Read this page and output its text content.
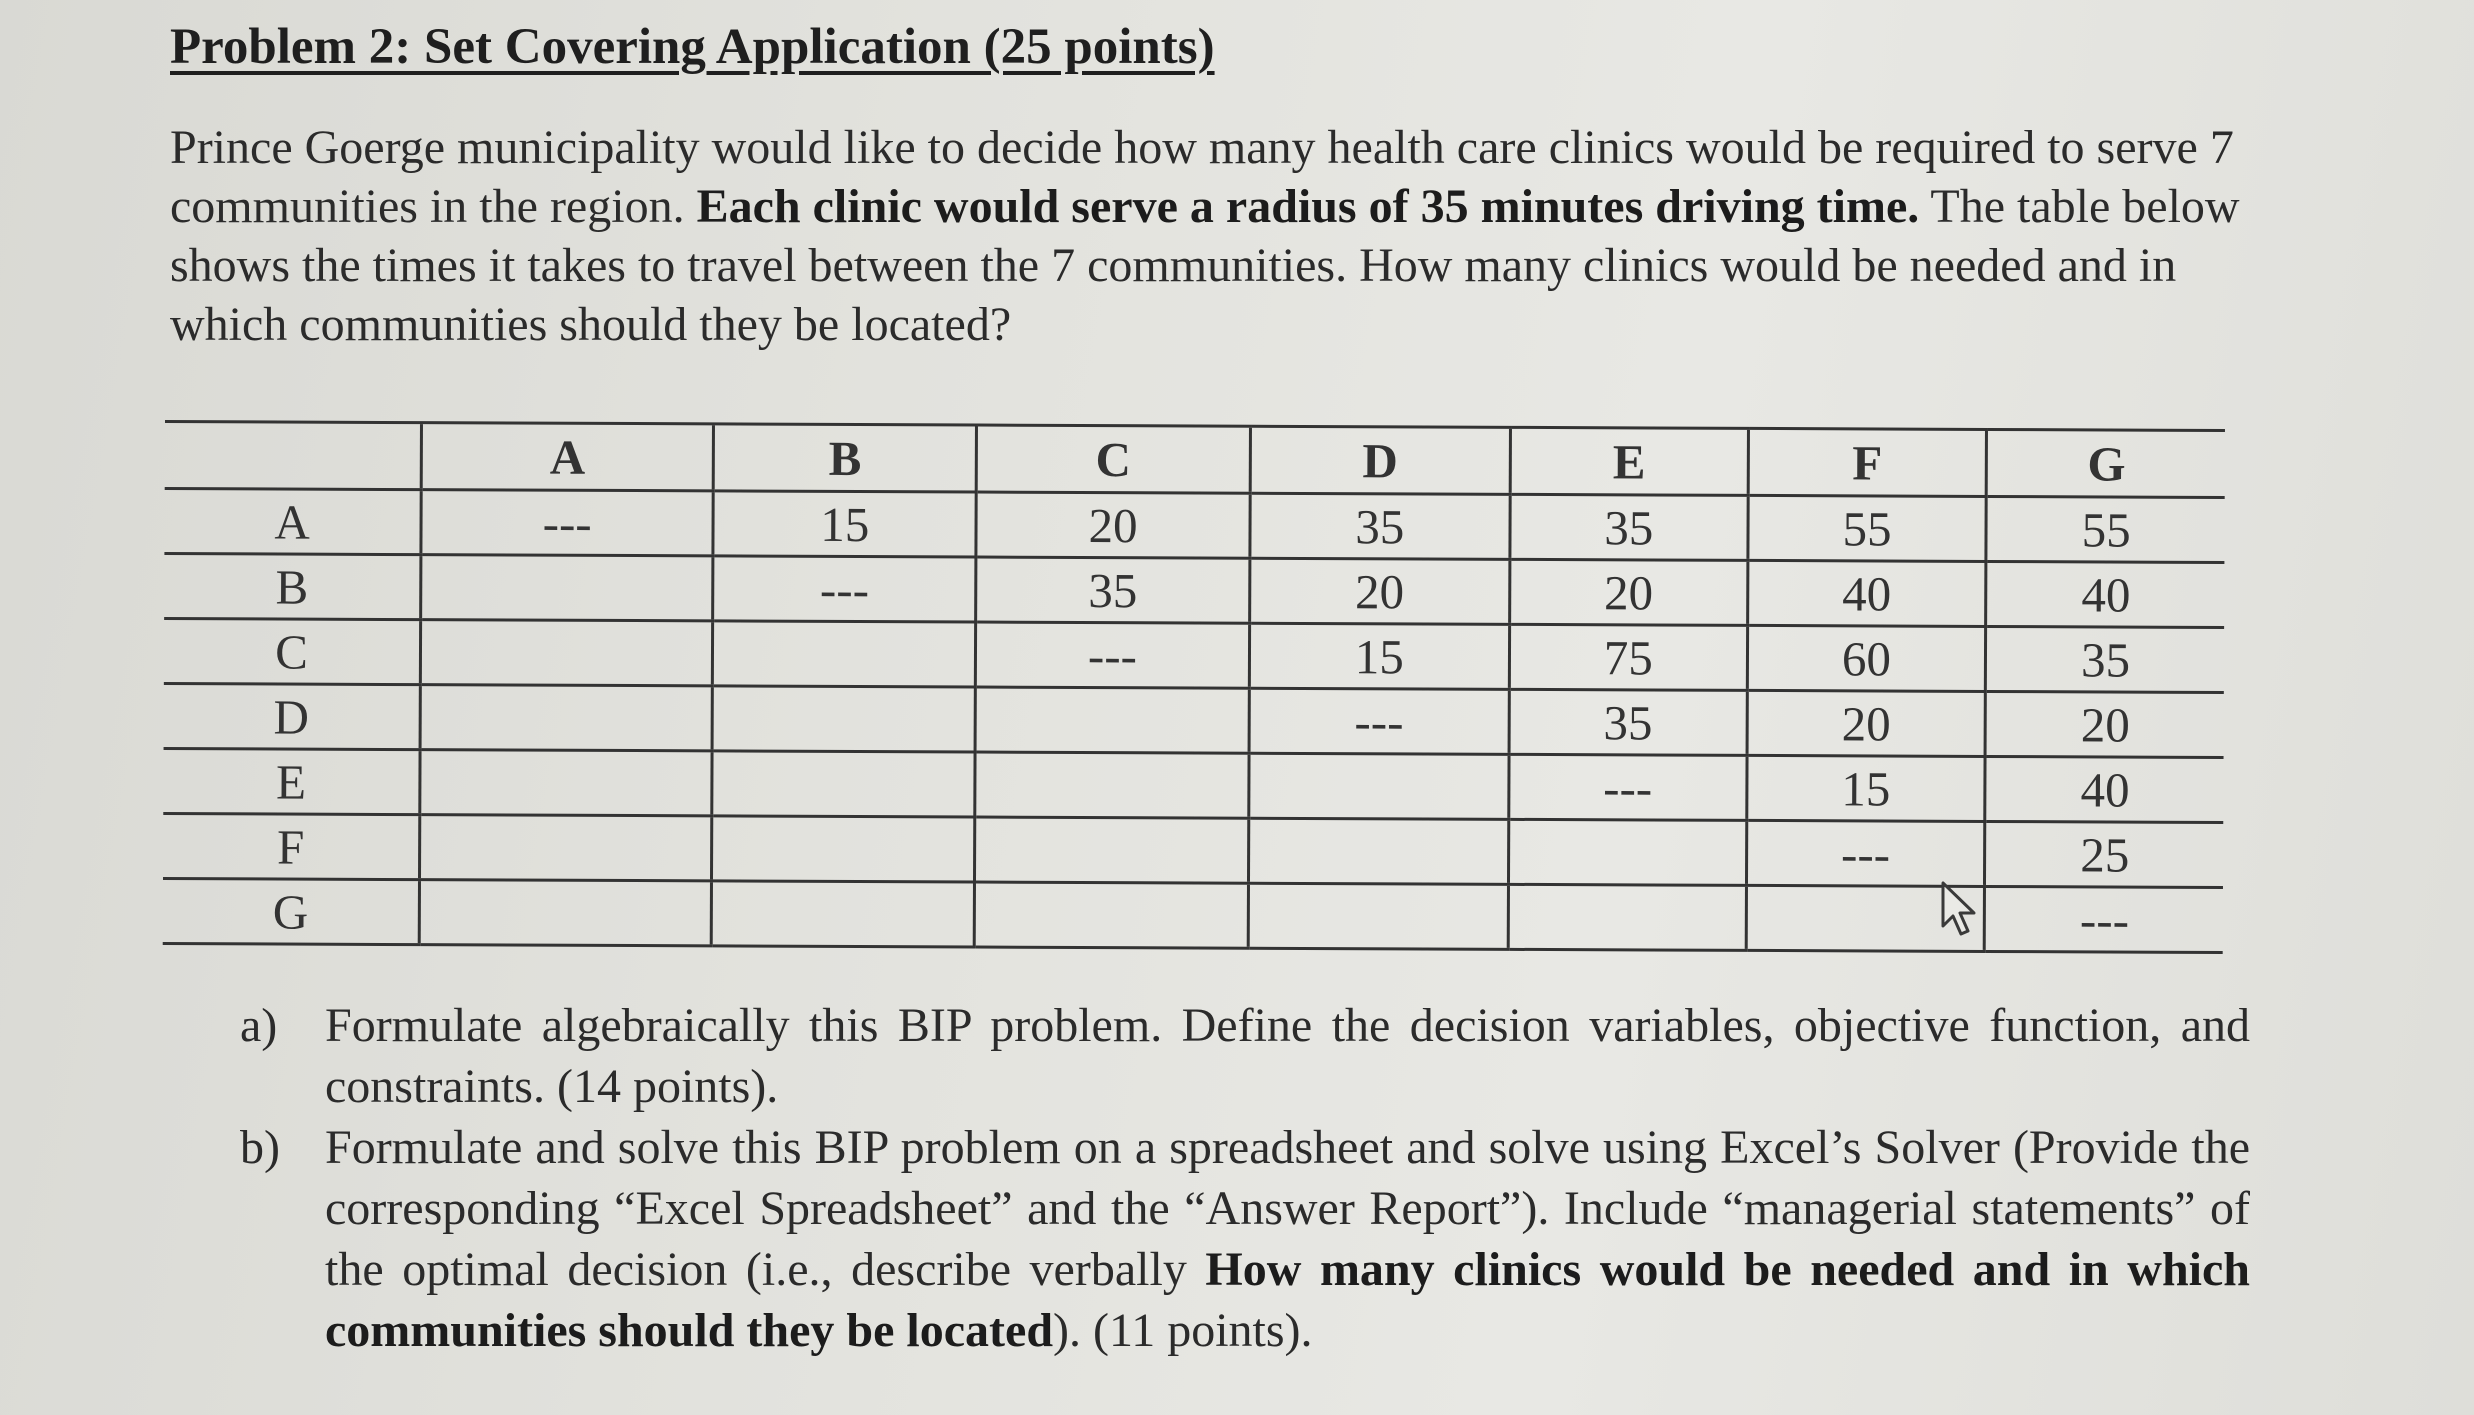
Problem 2: Set Covering Application (25 points)
Prince Goerge municipality would like to decide how many health care clinics would be required to serve 7 communities in the region. Each clinic would serve a radius of 35 minutes driving time. The table below shows the times it takes to travel between the 7 communities. How many clinics would be needed and in which communities should they be located?
	A	B	C	D	E	F	G
A	---	15	20	35	35	55	55
B		---	35	20	20	40	40
C			---	15	75	60	35
D				---	35	20	20
E					---	15	40
F						---	25
G							---
a) Formulate algebraically this BIP problem. Define the decision variables, objective function, and constraints. (14 points).
b) Formulate and solve this BIP problem on a spreadsheet and solve using Excel’s Solver (Provide the corresponding “Excel Spreadsheet” and the “Answer Report”). Include “managerial statements” of the optimal decision (i.e., describe verbally How many clinics would be needed and in which communities should they be located). (11 points).
